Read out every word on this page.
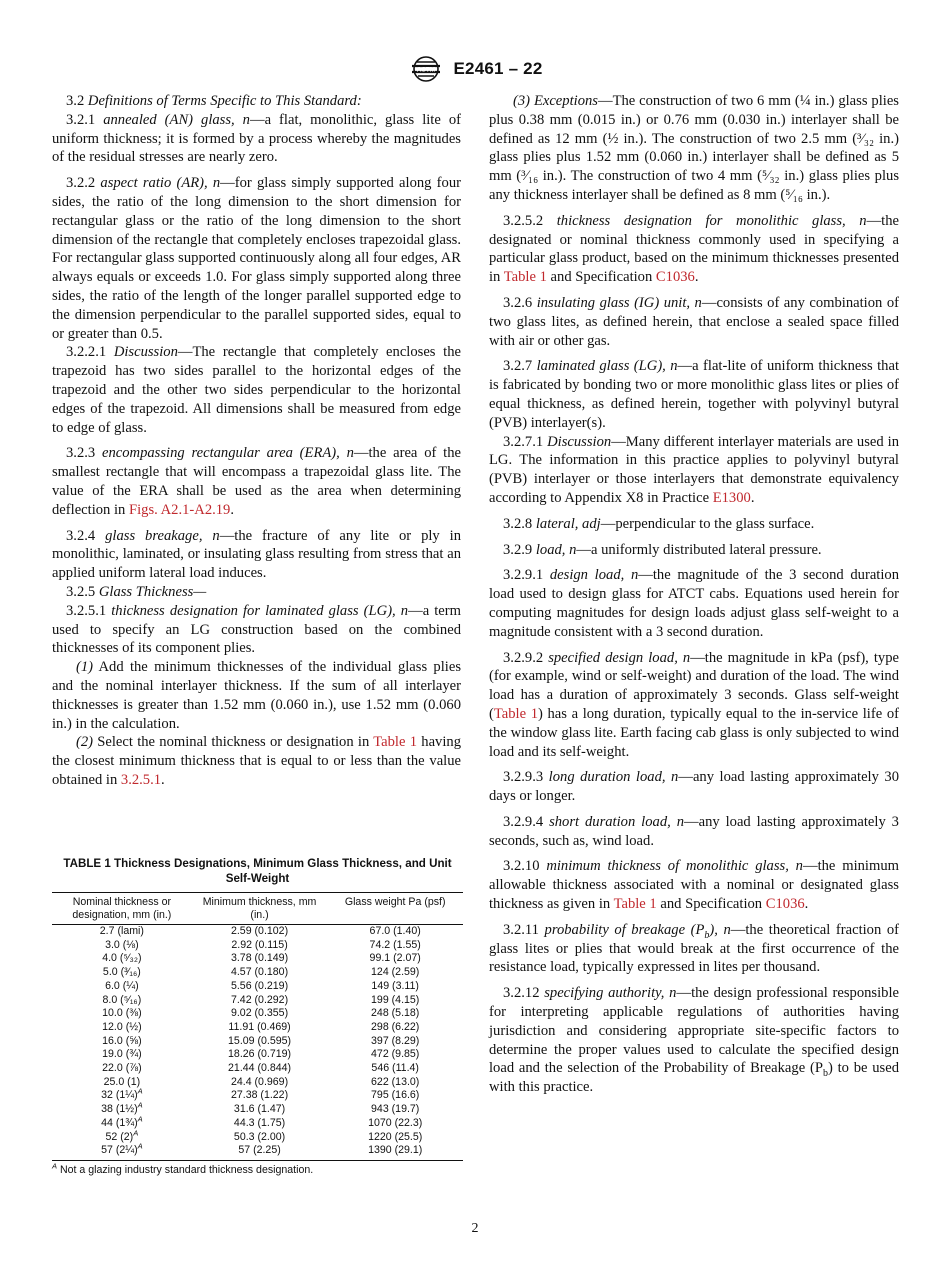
ASTM E2461 – 22

3.2 Definitions of Terms Specific to This Standard:

3.2.1 annealed (AN) glass, n—a flat, monolithic, glass lite of uniform thickness; it is formed by a process whereby the magnitudes of the residual stresses are nearly zero.

3.2.2 aspect ratio (AR), n—for glass simply supported along four sides, the ratio of the long dimension to the short dimension for rectangular glass or the ratio of the long dimension to the short dimension of the rectangle that completely encloses trapezoidal glass. For rectangular glass supported continuously along all four edges, AR always equals or exceeds 1.0. For glass simply supported along three sides, the ratio of the length of the longer parallel supported edge to the dimension perpendicular to the parallel supported sides, equal to or greater than 0.5.

3.2.2.1 Discussion—The rectangle that completely encloses the trapezoid has two sides parallel to the horizontal edges of the trapezoid and the other two sides perpendicular to the horizontal edges of the trapezoid. All dimensions shall be measured from edge to edge of glass.

3.2.3 encompassing rectangular area (ERA), n—the area of the smallest rectangle that will encompass a trapezoidal glass lite. The value of the ERA shall be used as the area when determining deflection in Figs. A2.1-A2.19.

3.2.4 glass breakage, n—the fracture of any lite or ply in monolithic, laminated, or insulating glass resulting from stress that an applied uniform lateral load induces.

3.2.5 Glass Thickness—

3.2.5.1 thickness designation for laminated glass (LG), n—a term used to specify an LG construction based on the combined thicknesses of its component plies.

(1) Add the minimum thicknesses of the individual glass plies and the nominal interlayer thickness. If the sum of all interlayer thicknesses is greater than 1.52 mm (0.060 in.), use 1.52 mm (0.060 in.) in the calculation.

(2) Select the nominal thickness or designation in Table 1 having the closest minimum thickness that is equal to or less than the value obtained in 3.2.5.1.

TABLE 1 Thickness Designations, Minimum Glass Thickness, and Unit Self-Weight
Nominal thickness or designation, mm (in.)	Minimum thickness, mm (in.)	Glass weight Pa (psf)
2.7 (lami)	2.59 (0.102)	67.0 (1.40)
3.0 (⅛)	2.92 (0.115)	74.2 (1.55)
4.0 (⁵⁄₃₂)	3.78 (0.149)	99.1 (2.07)
5.0 (³⁄₁₆)	4.57 (0.180)	124 (2.59)
6.0 (¼)	5.56 (0.219)	149 (3.11)
8.0 (⁵⁄₁₆)	7.42 (0.292)	199 (4.15)
10.0 (⅜)	9.02 (0.355)	248 (5.18)
12.0 (½)	11.91 (0.469)	298 (6.22)
16.0 (⅝)	15.09 (0.595)	397 (8.29)
19.0 (¾)	18.26 (0.719)	472 (9.85)
22.0 (⅞)	21.44 (0.844)	546 (11.4)
25.0 (1)	24.4 (0.969)	622 (13.0)
32 (1¼)$^A$	27.38 (1.22)	795 (16.6)
38 (1½)$^A$	31.6 (1.47)	943 (19.7)
44 (1¾)$^A$	44.3 (1.75)	1070 (22.3)
52 $(2)^A$	50.3 (2.00)	1220 (25.5)
57 (2¼)$^A$	57 (2.25)	1390 (29.1)
$^A$ Not a glazing industry standard thickness designation.

(3) Exceptions—The construction of two 6 mm (¼ in.) glass plies plus 0.38 mm (0.015 in.) or 0.76 mm (0.030 in.) interlayer shall be defined as 12 mm (½ in.). The construction of two 2.5 mm (³⁄₃₂ in.) glass plies plus 1.52 mm (0.060 in.) interlayer shall be defined as 5 mm (³⁄₁₆ in.). The construction of two 4 mm (⁵⁄₃₂ in.) glass plies plus any thickness interlayer shall be defined as 8 mm (⁵⁄₁₆ in.).

3.2.5.2 thickness designation for monolithic glass, n—the designated or nominal thickness commonly used in specifying a particular glass product, based on the minimum thicknesses presented in Table 1 and Specification C1036.

3.2.6 insulating glass (IG) unit, n—consists of any combination of two glass lites, as defined herein, that enclose a sealed space filled with air or other gas.

3.2.7 laminated glass (LG), n—a flat-lite of uniform thickness that is fabricated by bonding two or more monolithic glass lites or plies of equal thickness, as defined herein, together with polyvinyl butyral (PVB) interlayer(s).

3.2.7.1 Discussion—Many different interlayer materials are used in LG. The information in this practice applies to polyvinyl butyral (PVB) interlayer or those interlayers that demonstrate equivalency according to Appendix X8 in Practice E1300.

3.2.8 lateral, adj—perpendicular to the glass surface.

3.2.9 load, n—a uniformly distributed lateral pressure.

3.2.9.1 design load, n—the magnitude of the 3 second duration load used to design glass for ATCT cabs. Equations used herein for computing magnitudes for design loads adjust glass self-weight to a magnitude consistent with a 3 second duration.

3.2.9.2 specified design load, n—the magnitude in kPa (psf), type (for example, wind or self-weight) and duration of the load. The wind load has a duration of approximately 3 seconds. Glass self-weight (Table 1) has a long duration, typically equal to the in-service life of the window glass lite. Earth facing cab glass is only subjected to wind load and its self-weight.

3.2.9.3 long duration load, n—any load lasting approximately 30 days or longer.

3.2.9.4 short duration load, n—any load lasting approximately 3 seconds, such as, wind load.

3.2.10 minimum thickness of monolithic glass, n—the minimum allowable thickness associated with a nominal or designated glass thickness as given in Table 1 and Specification C1036.

3.2.11 probability of breakage $(P_b)$, n—the theoretical fraction of glass lites or plies that would break at the first occurrence of the resistance load, typically expressed in lites per thousand.

3.2.12 specifying authority, n—the design professional responsible for interpreting applicable regulations of authorities having jurisdiction and considering appropriate site-specific factors to determine the proper values used to calculate the specified design load and the selection of the Probability of Breakage $(P_b)$ to be used with this practice.

2
